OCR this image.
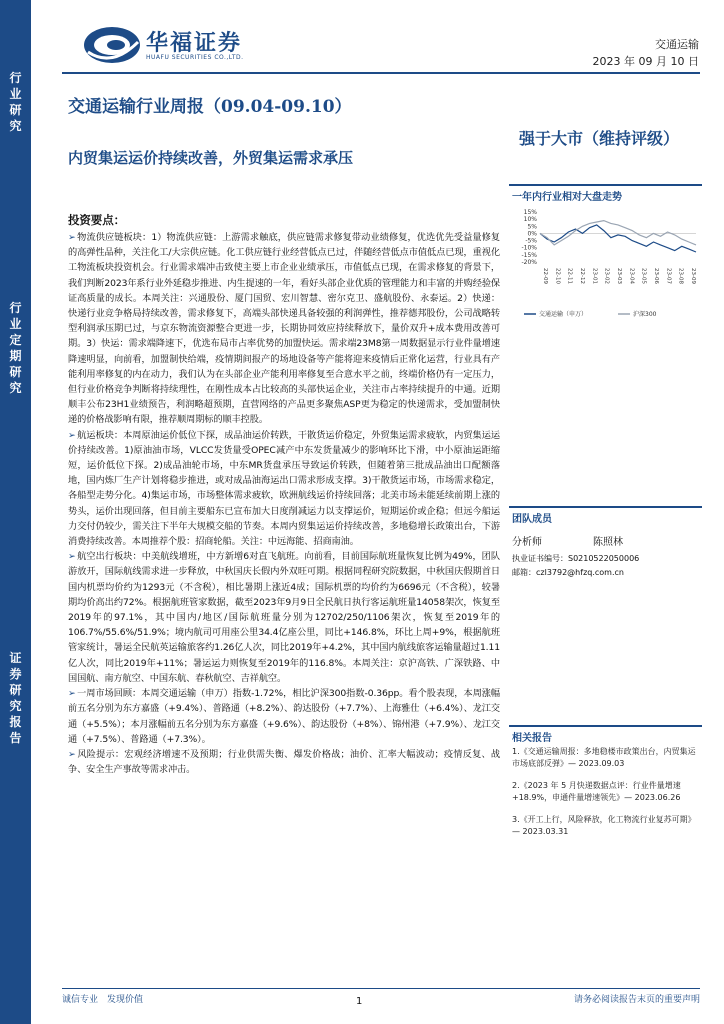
行
业
研
究
行
业
定
期
研
究
证
券
研
究
报
告
华福证券
HUAFU SECURITIES CO.,LTD.
交通运输
2023 年 09 月 10 日
交通运输行业周报（09.04-09.10）
内贸集运运价持续改善，外贸集运需求承压
强于大市（维持评级）
一年内行业相对大盘走势
15%
10%
5%
0%
-5%
-10%
-15%
-20%
22-09 22-10 22-11 22-12 23-01 23-02 23-03 23-04 23-05 23-06 23-07 23-08 23-09
交通运输（申万）	沪深300

投资要点：

➢物流供应链板块：1）物流供应链：上游需求触底，供应链需求修复带动业绩修复，优选优先受益量修复的高弹性品种，关注化工/大宗供应链。化工供应链行业经营低点已过，伴随经营低点市值低点已现，重视化工物流板块投资机会。行业需求端冲击致使主要上市企业业绩承压，市值低点已现，在需求修复的背景下，我们判断2023年系行业外延稳步推进、内生提速的一年，看好头部企业优质的管理能力和丰富的并购经验保证高质量的成长。本周关注：兴通股份、厦门国贸、宏川智慧、密尔克卫、盛航股份、永泰运。2）快递：快递行业竞争格局持续改善，需求修复下，高端头部快递具备较强的利润弹性，推荐德邦股份，公司战略转型利润承压期已过，与京东物流资源整合更进一步，长期协同效应持续释放下，量价双升+成本费用改善可期。3）快运：需求端降速下，优选布局市占率优势的加盟快运。需求端23M8第一周数据显示行业件量增速降速明显，向前看，加盟制快给端，疫情期间报产的场地设备等产能将迎来疫情后正常化运营，行业具有产能利用率修复的内在动力，我们认为在头部企业产能利用率修复至合意水平之前，终端价格仍有一定压力，但行业价格竞争判断将持续理性，在刚性成本占比较高的头部快运企业，关注市占率持续提升的中通。近期顺丰公布23H1业绩预告，利润略超预期，直营网络的产品更多聚焦ASP更为稳定的快递需求，受加盟制快递的价格战影响有限，推荐顺周期标的顺丰控股。

➢航运板块：本周原油运价低位下探，成品油运价转跌，干散货运价稳定，外贸集运需求疲软，内贸集运运价持续改善。1)原油油市场，VLCC发货量受OPEC减产中东发货量减少的影响环比下滑，中小原油运距缩短，运价低位下探。2)成品油轮市场，中东MR货盘承压导致运价转跌，但随着第三批成品油出口配额落地，国内炼厂生产计划将稳步推进，或对成品油海运出口需求形成支撑。3)干散货运市场，市场需求稳定，各船型走势分化。4)集运市场，市场整体需求疲软，欧洲航线运价持续回落；北美市场未能延续前期上涨的势头，运价出现回落，但目前主要船东已宣布加大日度削减运力以支撑运价，短期运价或企稳；但远今船运力交付仍较少，需关注下半年大规模交船的节奏。本周内贸集运运价持续改善，多地稳增长政策出台，下游消费持续改善。本周推荐个股：招商轮船。关注：中远海能、招商南油。

➢航空出行板块：中美航线增班，中方新增6对直飞航班。向前看，目前国际航班量恢复比例为49%，团队游放开，国际航线需求进一步释放，中秋国庆长假内外双旺可期。根据同程研究院数据，中秋国庆假期首日国内机票均价约为1293元（不含税），相比暑期上涨近4成；国际机票的均价约为6696元（不含税），较暑期均价高出约72%。根据航班管家数据，截至2023年9月9日全民航日执行客运航班量14058架次，恢复至2019年的97.1%，其中国内/地区/国际航班量分别为12702/250/1106架次，恢复至2019年的106.7%/55.6%/51.9%；境内航司可用座公里34.4亿座公里，同比+146.8%，环比上周+9%，根据航班管家统计，暑运全民航英运输旅客约1.26亿人次，同比2019年+4.2%，其中国内航线旅客运输量超过1.11亿人次，同比2019年+11%；暑运运力则恢复至2019年的116.8%。本周关注：京沪高铁、广深铁路、中国国航、南方航空、中国东航、春秋航空、吉祥航空。

➢一周市场回顾：本周交通运输（申万）指数-1.72%，相比沪深300指数-0.36pp。看个股表现，本周涨幅前五名分别为东方嘉盛（+9.4%）、普路通（+8.2%）、韵达股份（+7.7%）、上海雅仕（+6.4%）、龙江交通（+5.5%）；本月涨幅前五名分别为东方嘉盛（+9.6%）、韵达股份（+8%）、锦州港（+7.9%）、龙江交通（+7.5%）、普路通（+7.3%）。

➢风险提示：宏观经济增速不及预期；行业供需失衡、爆发价格战；油价、汇率大幅波动；疫情反复、战争、安全生产事故等需求冲击。

团队成员
分析师	陈照林
执业证书编号：S0210522050006
邮箱：czl3792@hfzq.com.cn
相关报告
1.《交通运输周报：多地稳楼市政策出台，内贸集运市场底部反弹》— 2023.09.03
2.《2023 年 5 月快递数据点评：行业件量增速+18.9%，申通件量增速领先》— 2023.06.26
3.《开工上行，风险释放，化工物流行业复苏可期》— 2023.03.31
诚信专业　发现价值	1	请务必阅读报告末页的重要声明
